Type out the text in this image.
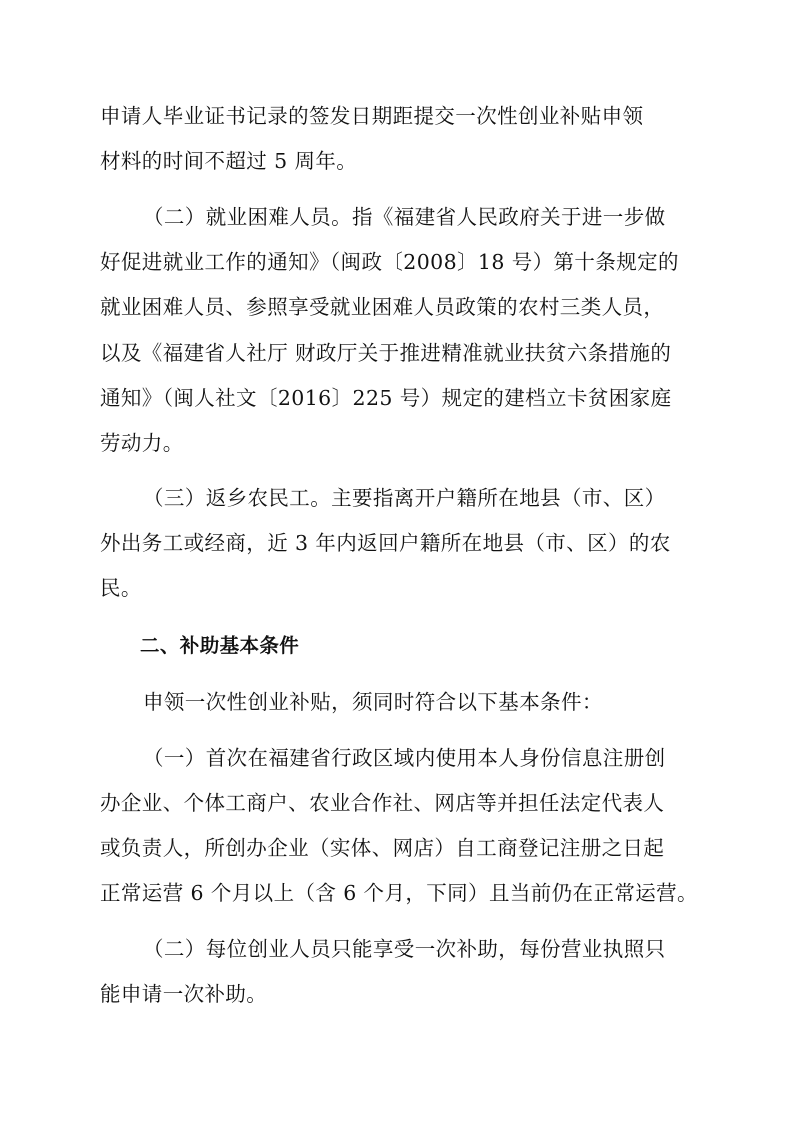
申请人毕业证书记录的签发日期距提交一次性创业补贴申领
材料的时间不超过 5 周年。
（二）就业困难人员。指《福建省人民政府关于进一步做
好促进就业工作的通知》（闽政〔2008〕18 号）第十条规定的
就业困难人员、参照享受就业困难人员政策的农村三类人员，
以及《福建省人社厅 财政厅关于推进精准就业扶贫六条措施的
通知》（闽人社文〔2016〕225 号）规定的建档立卡贫困家庭
劳动力。
（三）返乡农民工。主要指离开户籍所在地县（市、区）
外出务工或经商，近 3 年内返回户籍所在地县（市、区）的农
民。
二、补助基本条件
申领一次性创业补贴，须同时符合以下基本条件：
（一）首次在福建省行政区域内使用本人身份信息注册创
办企业、个体工商户、农业合作社、网店等并担任法定代表人
或负责人，所创办企业（实体、网店）自工商登记注册之日起
正常运营 6 个月以上（含 6 个月，下同）且当前仍在正常运营。
（二）每位创业人员只能享受一次补助，每份营业执照只
能申请一次补助。
